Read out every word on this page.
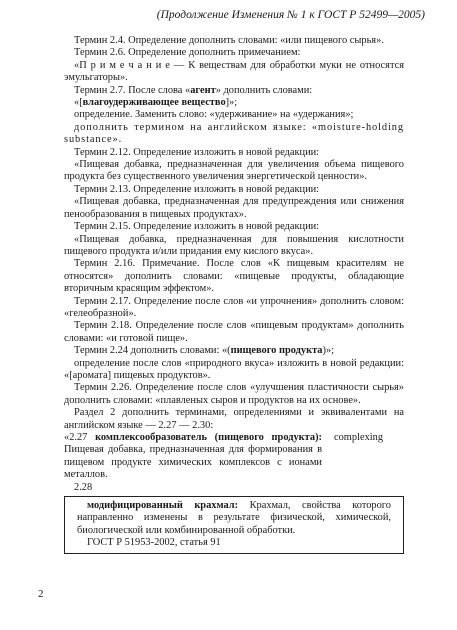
(Продолжение Изменения № 1 к ГОСТ Р 52499—2005)

Термин 2.4. Определение дополнить словами: «или пищевого сырья».

Термин 2.6. Определение дополнить примечанием:

«П р и м е ч а н и е — К веществам для обработки муки не относятся эмульгаторы».

Термин 2.7. После слова «агент» дополнить словами:

«[влагоудерживающее вещество]»;

определение. Заменить слово: «удерживание» на «удержания»;

дополнить термином на английском языке: «moisture-holding substance».

Термин 2.12. Определение изложить в новой редакции:

«Пищевая добавка, предназначенная для увеличения объема пищевого продукта без существенного увеличения энергетической ценности».

Термин 2.13. Определение изложить в новой редакции:

«Пищевая добавка, предназначенная для предупреждения или снижения пенообразования в пищевых продуктах».

Термин 2.15. Определение изложить в новой редакции:

«Пищевая добавка, предназначенная для повышения кислотности пищевого продукта и/или придания ему кислого вкуса».

Термин 2.16. Примечание. После слов «К пищевым красителям не относятся» дополнить словами: «пищевые продукты, обладающие вторичным красящим эффектом».

Термин 2.17. Определение после слов «и упрочнения» дополнить словом: «гелеобразной».

Термин 2.18. Определение после слов «пищевым продуктам» дополнить словами: «и готовой пище».

Термин 2.24 дополнить словами: «(пищевого продукта)»;

определение после слов «природного вкуса» изложить в новой редакции: «[аромата] пищевых продуктов».

Термин 2.26. Определение после слов «улучшения пластичности сырья» дополнить словами: «плавленых сыров и продуктов на их основе».

Раздел 2 дополнить терминами, определениями и эквивалентами на английском языке — 2.27 — 2.30:

«2.27 комплексообразователь (пищевого продукта): Пищевая добавка, предназначенная для формирования в пищевом продукте химических комплексов с ионами металлов.
complexing

2.28

модифицированный крахмал: Крахмал, свойства которого направленно изменены в результате физической, химической, биологической или комбинированной обработки.

ГОСТ Р 51953-2002, статья 91

2
